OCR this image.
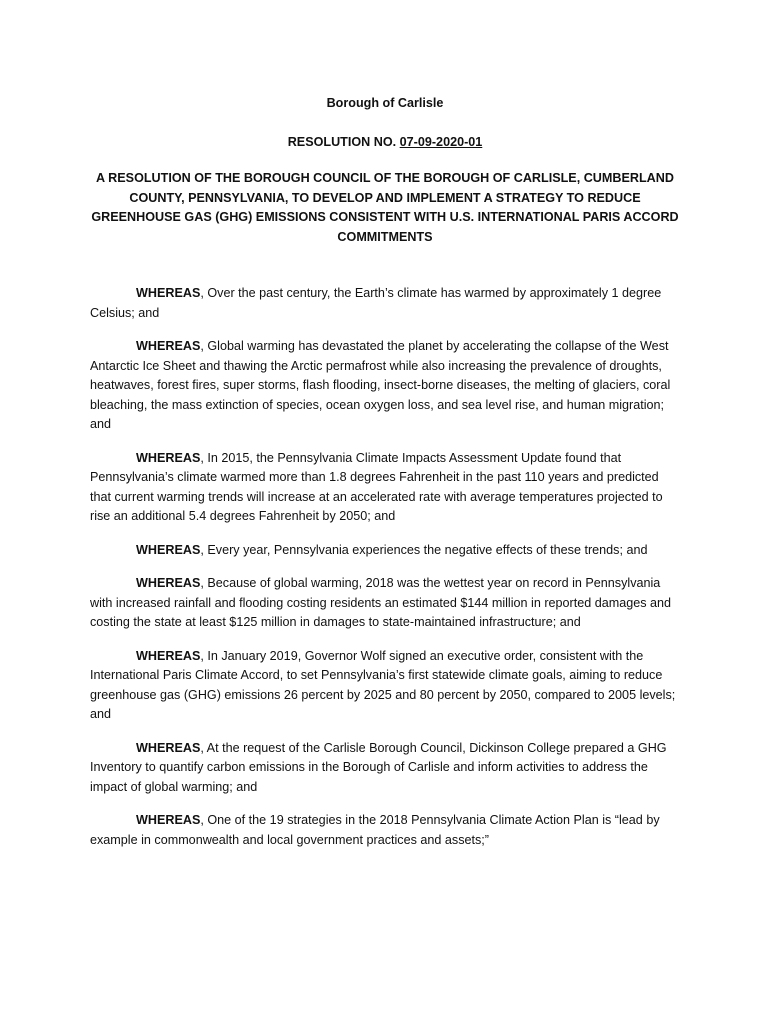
Borough of Carlisle
RESOLUTION NO. 07-09-2020-01
A RESOLUTION OF THE BOROUGH COUNCIL OF THE BOROUGH OF CARLISLE, CUMBERLAND COUNTY, PENNSYLVANIA, TO DEVELOP AND IMPLEMENT A STRATEGY TO REDUCE GREENHOUSE GAS (GHG) EMISSIONS CONSISTENT WITH U.S. INTERNATIONAL PARIS ACCORD COMMITMENTS

WHEREAS, Over the past century, the Earth’s climate has warmed by approximately 1 degree Celsius; and

WHEREAS, Global warming has devastated the planet by accelerating the collapse of the West Antarctic Ice Sheet and thawing the Arctic permafrost while also increasing the prevalence of droughts, heatwaves, forest fires, super storms, flash flooding, insect-borne diseases, the melting of glaciers, coral bleaching, the mass extinction of species, ocean oxygen loss, and sea level rise, and human migration; and

WHEREAS, In 2015, the Pennsylvania Climate Impacts Assessment Update found that Pennsylvania’s climate warmed more than 1.8 degrees Fahrenheit in the past 110 years and predicted that current warming trends will increase at an accelerated rate with average temperatures projected to rise an additional 5.4 degrees Fahrenheit by 2050; and

WHEREAS, Every year, Pennsylvania experiences the negative effects of these trends; and

WHEREAS, Because of global warming, 2018 was the wettest year on record in Pennsylvania with increased rainfall and flooding costing residents an estimated $144 million in reported damages and costing the state at least $125 million in damages to state-maintained infrastructure; and

WHEREAS, In January 2019, Governor Wolf signed an executive order, consistent with the International Paris Climate Accord, to set Pennsylvania’s first statewide climate goals, aiming to reduce greenhouse gas (GHG) emissions 26 percent by 2025 and 80 percent by 2050, compared to 2005 levels; and

WHEREAS, At the request of the Carlisle Borough Council, Dickinson College prepared a GHG Inventory to quantify carbon emissions in the Borough of Carlisle and inform activities to address the impact of global warming; and

WHEREAS, One of the 19 strategies in the 2018 Pennsylvania Climate Action Plan is “lead by example in commonwealth and local government practices and assets;”
